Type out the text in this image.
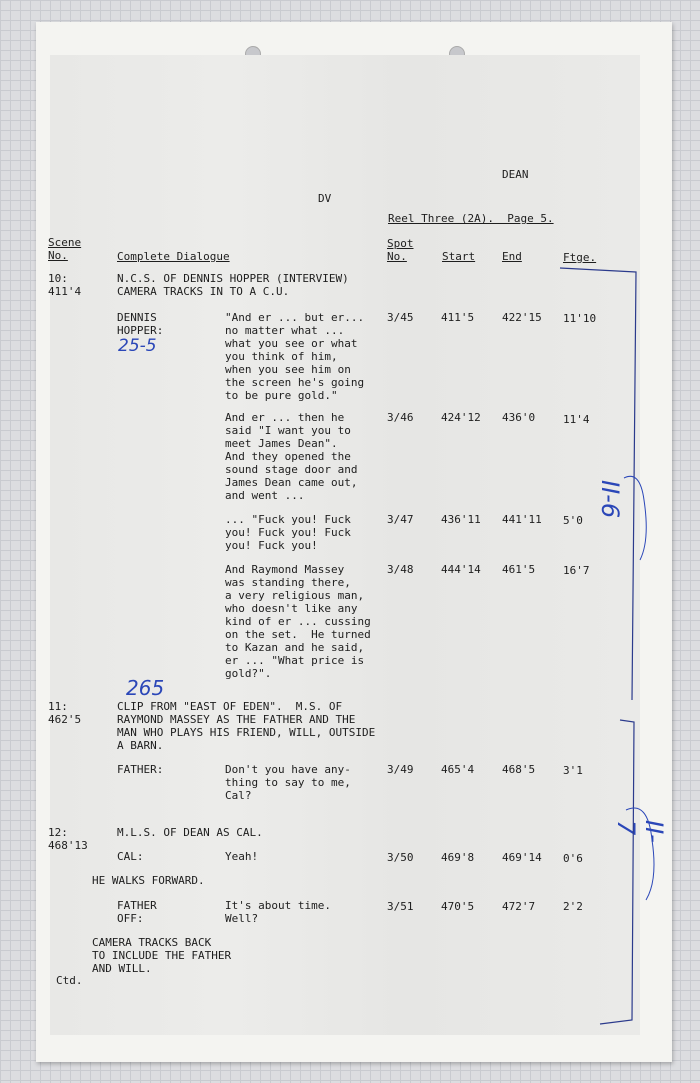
DEAN

DV

Reel Three (2A).  Page 5.

Scene
No.	Complete Dialogue

Spot
No.	Start End	Ftge.

10:
411'4

N.C.S. OF DENNIS HOPPER (INTERVIEW)
CAMERA TRACKS IN TO A C.U.

DENNIS
HOPPER:

"And er ... but er...
no matter what ...
what you see or what
you think of him,
when you see him on
the screen he's going
to be pure gold."

3/45	411'5	422'15 11'10

And er ... then he
said "I want you to
meet James Dean".
And they opened the
sound stage door and
James Dean came out,
and went ...

3/46	424'12 436'0	11'4

... "Fuck you! Fuck
you! Fuck you! Fuck
you! Fuck you!

3/47	436'11 441'11 5'0

And Raymond Massey
was standing there,
a very religious man,
who doesn't like any
kind of er ... cussing
on the set.  He turned
to Kazan and he said,
er ... "What price is
gold?".

3/48	444'14 461'5	16'7

11:
462'5

CLIP FROM "EAST OF EDEN".  M.S. OF
RAYMOND MASSEY AS THE FATHER AND THE
MAN WHO PLAYS HIS FRIEND, WILL, OUTSIDE
A BARN.

FATHER:	Don't you have any-
thing to say to me,
Cal?

3/49	465'4	468'5	3'1

12:
468'13

M.L.S. OF DEAN AS CAL.

CAL:	Yeah!	3/50	469'8	469'14 0'6

HE WALKS FORWARD.

FATHER
OFF:

It's about time.
Well?

3/51	470'5	472'7	2'2

CAMERA TRACKS BACK
TO INCLUDE THE FATHER
AND WILL.

Ctd.

25-5
265
II-6
II-7
